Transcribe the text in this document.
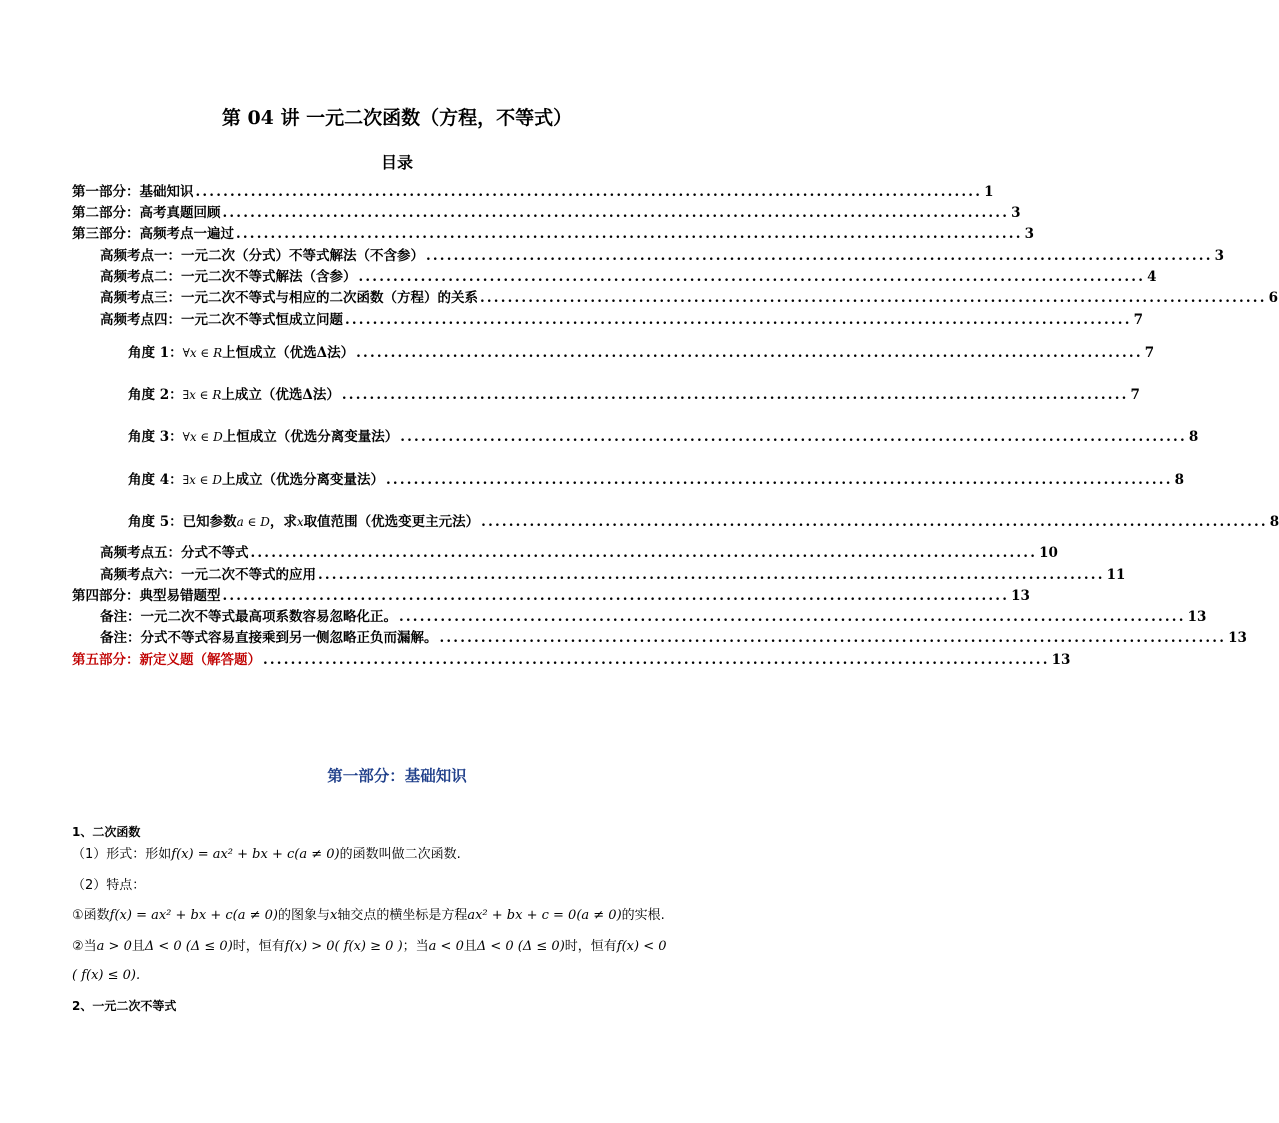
第 04 讲 一元二次函数（方程，不等式）
目录
第一部分：基础知识 .................................................................................................................. 1
第二部分：高考真题回顾 .................................................................................................................. 3
第三部分：高频考点一遍过 .................................................................................................................. 3
高频考点一：一元二次（分式）不等式解法（不含参） .................................................................................................................. 3
高频考点二：一元二次不等式解法（含参） .................................................................................................................. 4
高频考点三：一元二次不等式与相应的二次函数（方程）的关系 .................................................................................................................. 6
高频考点四：一元二次不等式恒成立问题 .................................................................................................................. 7
角度 1：∀x ∈ R上恒成立（优选Δ法） .................................................................................................................. 7
角度 2：∃x ∈ R上成立（优选Δ法） .................................................................................................................. 7
角度 3：∀x ∈ D上恒成立（优选分离变量法） .................................................................................................................. 8
角度 4：∃x ∈ D上成立（优选分离变量法） .................................................................................................................. 8
角度 5：已知参数a ∈ D，求x取值范围（优选变更主元法） .................................................................................................................. 8
高频考点五：分式不等式 .................................................................................................................. 10
高频考点六：一元二次不等式的应用 .................................................................................................................. 11
第四部分：典型易错题型 .................................................................................................................. 13
备注：一元二次不等式最高项系数容易忽略化正。 .................................................................................................................. 13
备注：分式不等式容易直接乘到另一侧忽略正负而漏解。 .................................................................................................................. 13
第五部分：新定义题（解答题） .................................................................................................................. 13
第一部分：基础知识
1、二次函数
（1）形式：形如f(x) = ax² + bx + c(a ≠ 0)的函数叫做二次函数.
（2）特点：
①函数f(x) = ax² + bx + c(a ≠ 0)的图象与x轴交点的横坐标是方程ax² + bx + c = 0(a ≠ 0)的实根.
②当a > 0且Δ < 0 (Δ ≤ 0)时，恒有f(x) > 0( f(x) ≥ 0 )；当a < 0且Δ < 0 (Δ ≤ 0)时，恒有f(x) < 0
( f(x) ≤ 0).
2、一元二次不等式
